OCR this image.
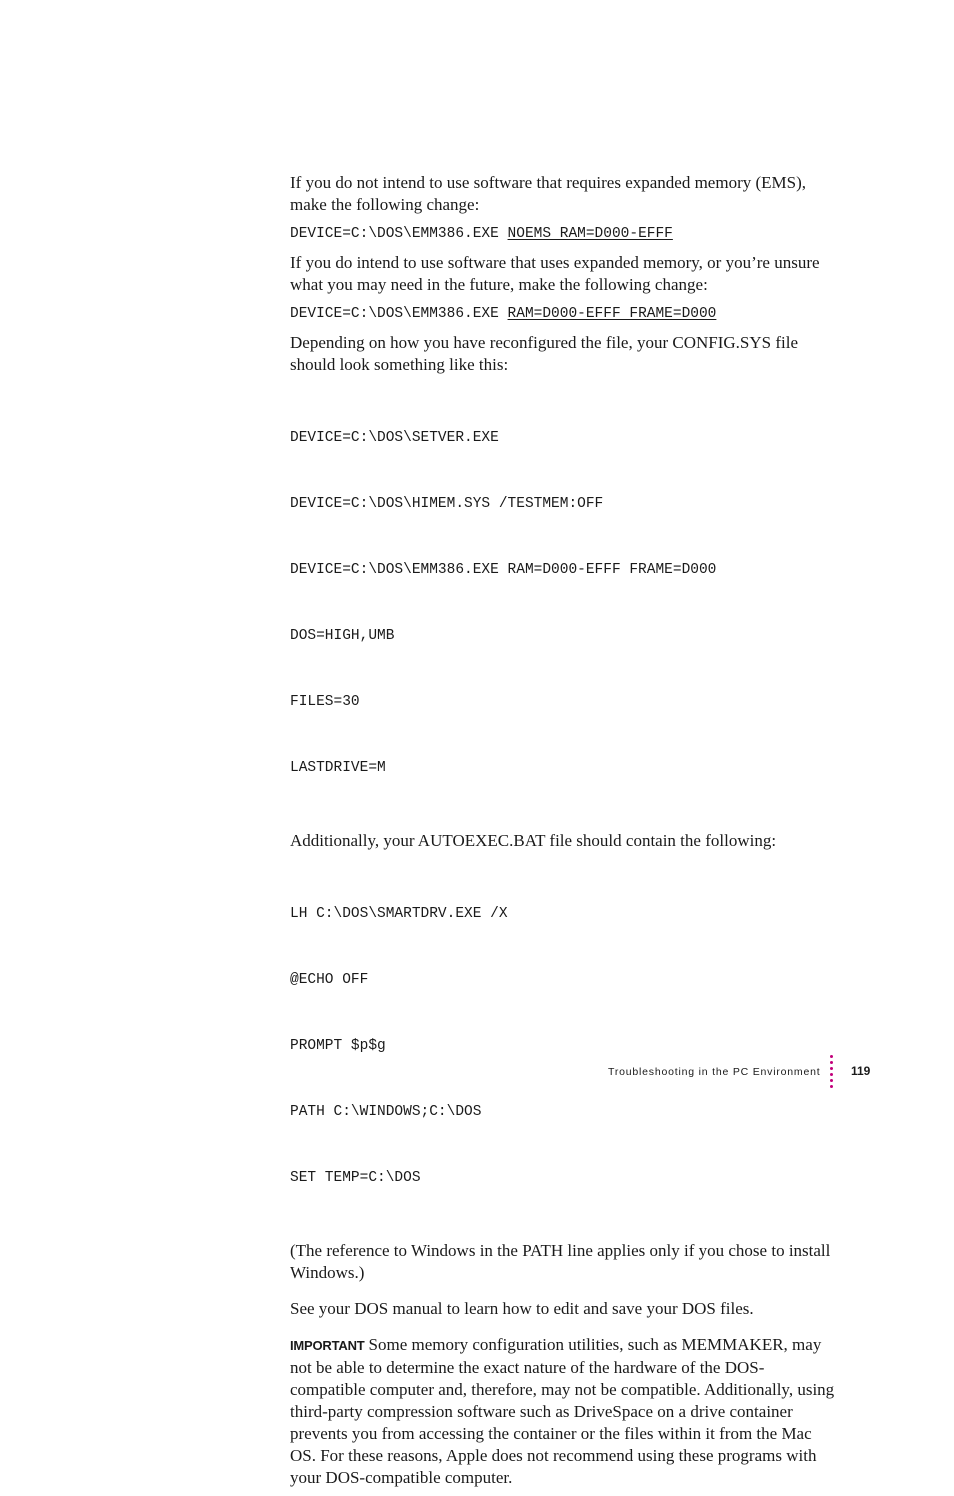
If you do not intend to use software that requires expanded memory (EMS), make the following change:

DEVICE=C:\DOS\EMM386.EXE NOEMS RAM=D000-EFFF

If you do intend to use software that uses expanded memory, or you’re unsure what you may need in the future, make the following change:

DEVICE=C:\DOS\EMM386.EXE RAM=D000-EFFF FRAME=D000

Depending on how you have reconfigured the file, your CONFIG.SYS file should look something like this:

DEVICE=C:\DOS\SETVER.EXE

DEVICE=C:\DOS\HIMEM.SYS /TESTMEM:OFF

DEVICE=C:\DOS\EMM386.EXE RAM=D000-EFFF FRAME=D000

DOS=HIGH,UMB

FILES=30

LASTDRIVE=M

Additionally, your AUTOEXEC.BAT file should contain the following:

LH C:\DOS\SMARTDRV.EXE /X

@ECHO OFF

PROMPT $p$g

PATH C:\WINDOWS;C:\DOS

SET TEMP=C:\DOS

(The reference to Windows in the PATH line applies only if you chose to install Windows.)

See your DOS manual to learn how to edit and save your DOS files.

IMPORTANT Some memory configuration utilities, such as MEMMAKER, may not be able to determine the exact nature of the hardware of the DOS-compatible computer and, therefore, may not be compatible. Additionally, using third-party compression software such as DriveSpace on a drive container prevents you from accessing the container or the files within it from the Mac OS. For these reasons, Apple does not recommend using these programs with your DOS-compatible computer.

Troubleshooting in the PC Environment	119
